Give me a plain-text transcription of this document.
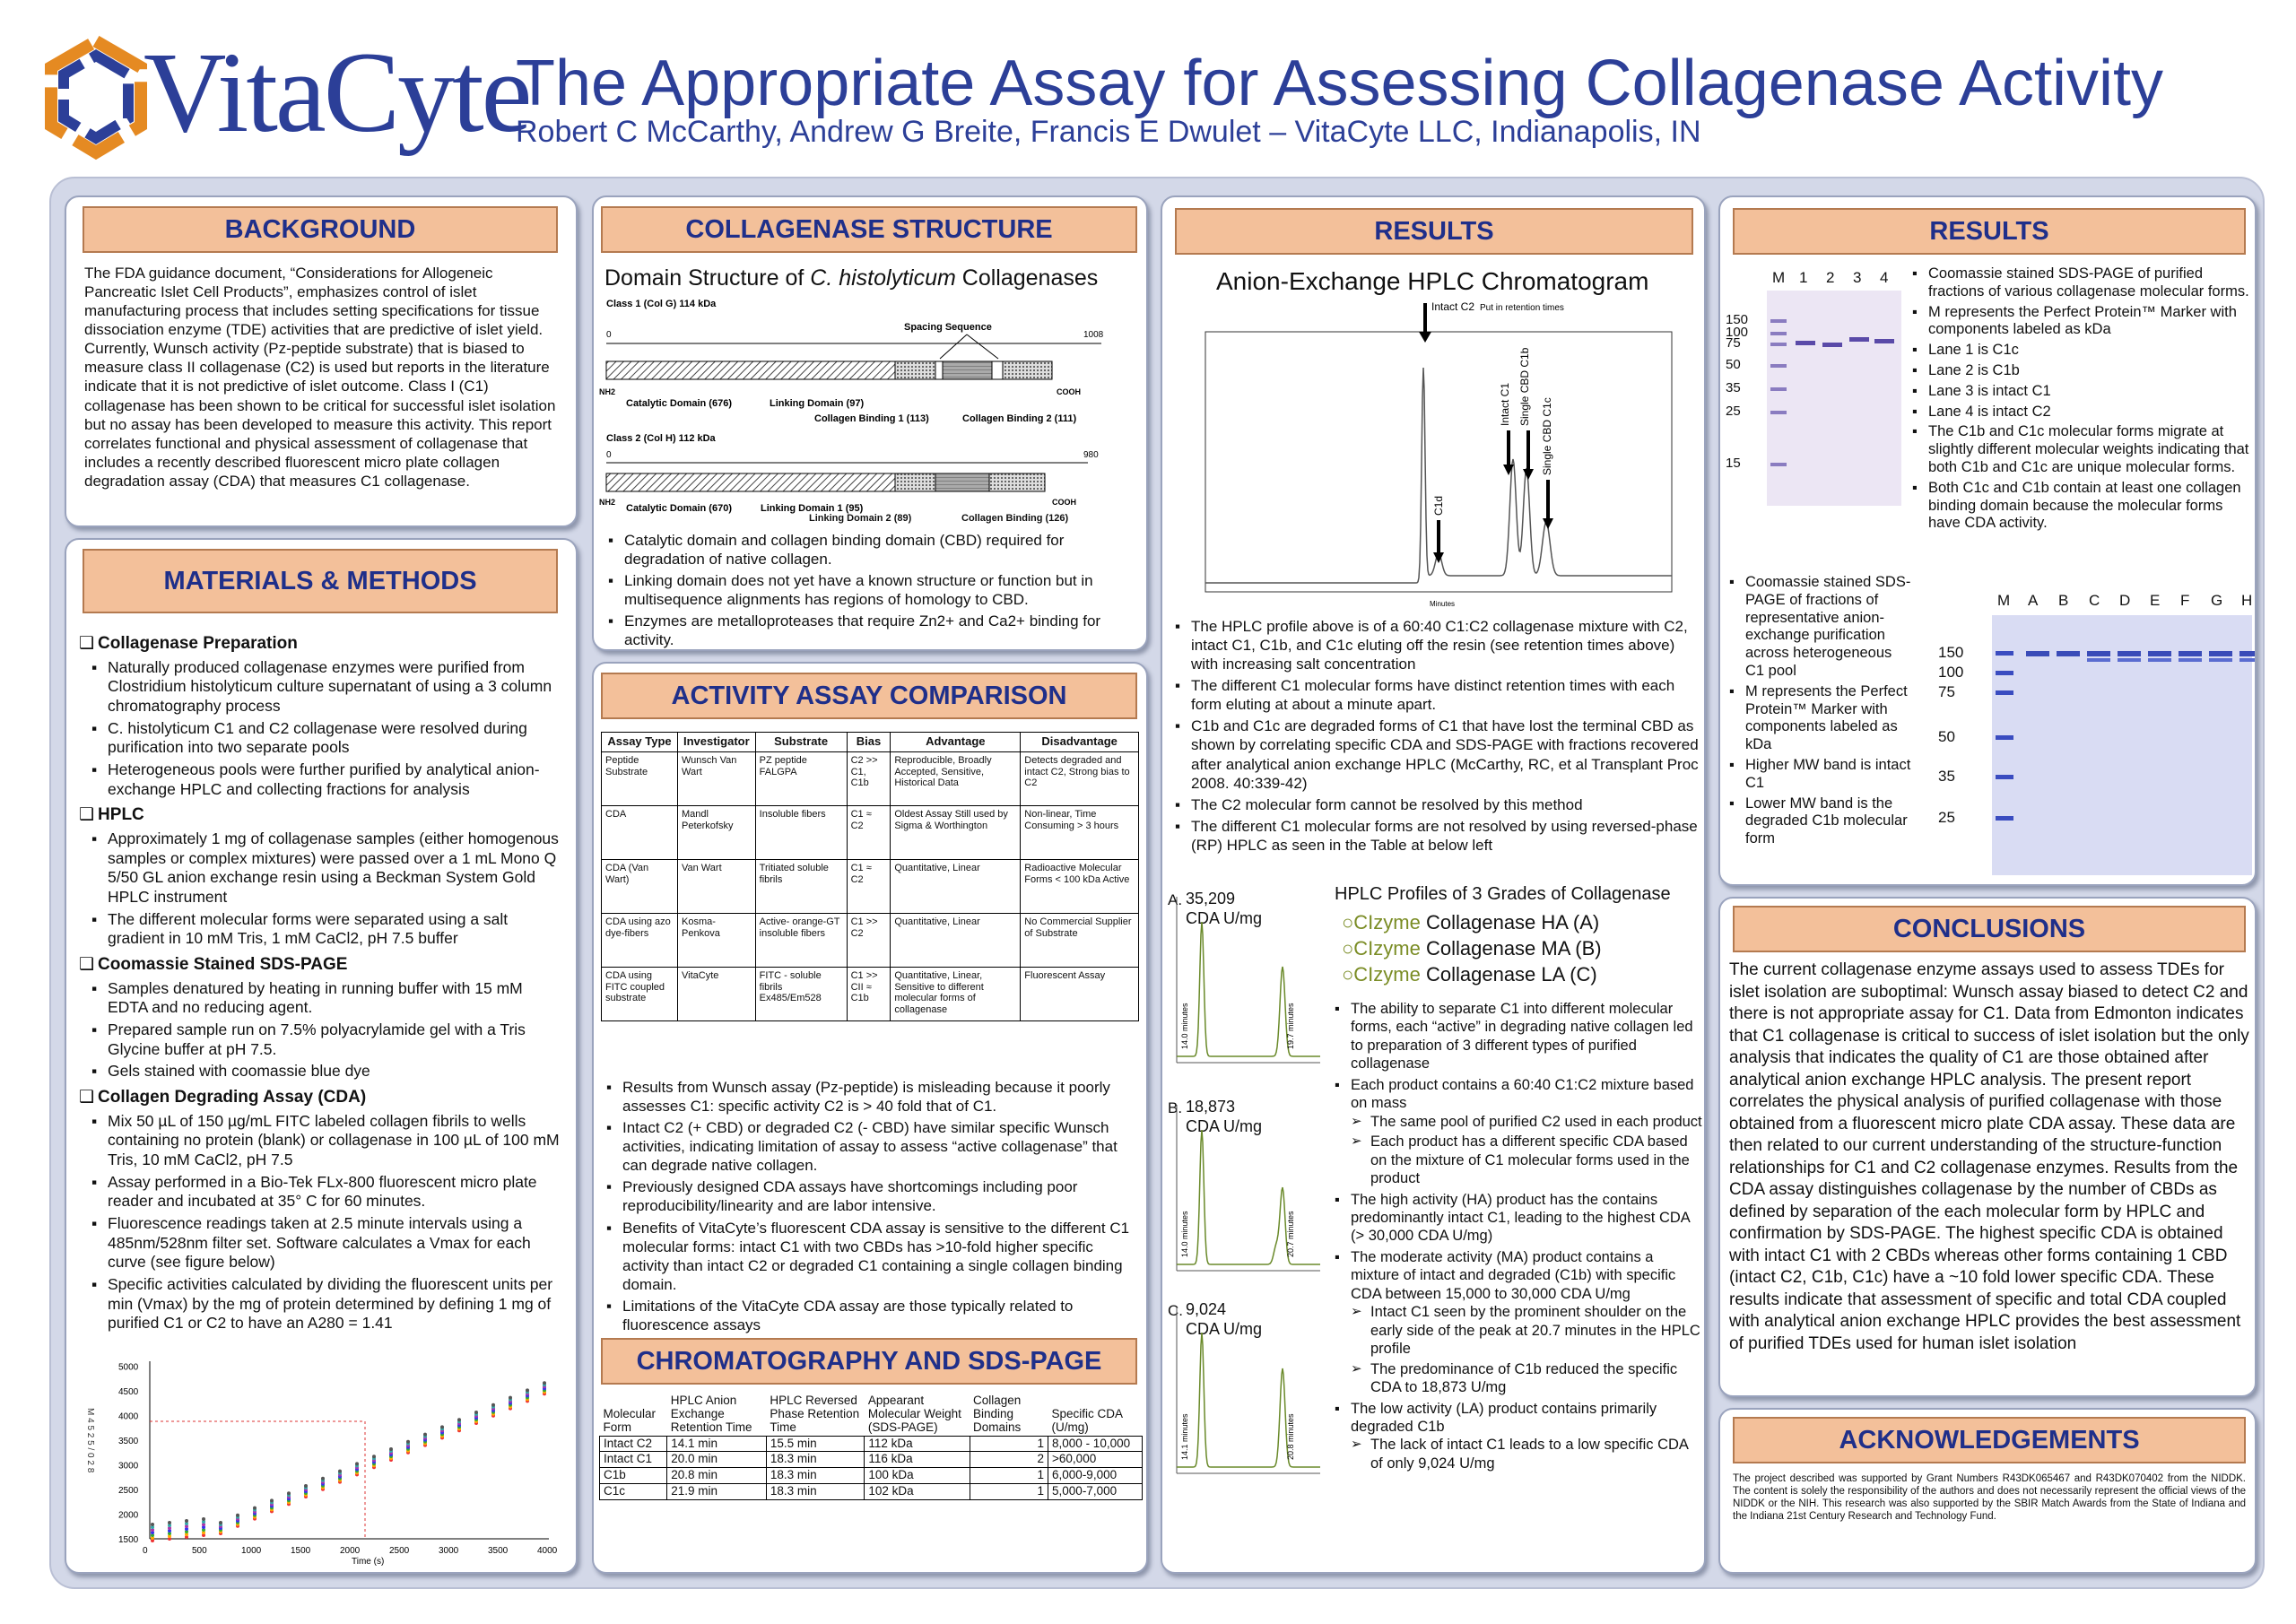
VitaCyte
The Appropriate Assay for Assessing Collagenase Activity
Robert C McCarthy, Andrew G Breite, Francis E Dwulet – VitaCyte LLC, Indianapolis, IN
BACKGROUND
The FDA guidance document, “Considerations for Allogeneic Pancreatic Islet Cell Products”, emphasizes control of islet manufacturing process that includes setting specifications for tissue dissociation enzyme (TDE) activities that are predictive of islet yield. Currently, Wunsch activity (Pz-peptide substrate) that is biased to measure class II collagenase (C2) is used but reports in the literature indicate that it is not predictive of islet outcome. Class I (C1) collagenase has been shown to be critical for successful islet isolation but no assay has been developed to measure this activity. This report correlates functional and physical assessment of collagenase that includes a recently described fluorescent micro plate collagen degradation assay (CDA) that measures C1 collagenase.
MATERIALS & METHODS
❑ Collagenase Preparation
▪ Naturally produced collagenase enzymes were purified from Clostridium histolyticum culture supernatant of using a 3 column chromatography process
▪ C. histolyticum C1 and C2 collagenase were resolved during purification into two separate pools
▪ Heterogeneous pools were further purified by analytical anion-exchange HPLC and collecting fractions for analysis
❑ HPLC
▪ Approximately 1 mg of collagenase samples (either homogenous samples or complex mixtures) were passed over a 1 mL Mono Q 5/50 GL anion exchange resin using a Beckman System Gold HPLC instrument
▪ The different molecular forms were separated using a salt gradient in 10 mM Tris, 1 mM CaCl2, pH 7.5 buffer
❑ Coomassie Stained SDS-PAGE
▪ Samples denatured by heating in running buffer with 15 mM EDTA and no reducing agent.
▪ Prepared sample run on 7.5% polyacrylamide gel with a Tris Glycine buffer at pH 7.5.
▪ Gels stained with coomassie blue dye
❑ Collagen Degrading Assay (CDA)
▪ Mix 50 µL of 150 µg/mL FITC labeled collagen fibrils to wells containing no protein (blank) or collagenase in 100 µL of 100 mM Tris, 10 mM CaCl2, pH 7.5
▪ Assay performed in a Bio-Tek FLx-800 fluorescent micro plate reader and incubated at 35° C for 60 minutes.
▪ Fluorescence readings taken at 2.5 minute intervals using a 485nm/528nm filter set. Software calculates a Vmax for each curve (see figure below)
▪ Specific activities calculated by dividing the fluorescent units per min (Vmax) by the mg of protein determined by defining 1 mg of purified C1 or C2 to have an A280 = 1.41
0	500	1000	1500	2000	2500	3000	3500	4000
1500
2000
2500
3000
3500
4000
4500
5000
M 4 5 2 5 / 0 2 8
Time (s)
COLLAGENASE STRUCTURE
Domain Structure of C. histolyticum Collagenases
Class 1 (Col G) 114 kDa
Spacing Sequence
0	1008
NH2	COOH
Catalytic Domain (676)	Linking Domain (97)
Collagen Binding 1 (113)	Collagen Binding 2 (111)
Class 2 (Col H) 112 kDa
0	980
NH2	COOH
Catalytic Domain (670)	Linking Domain 1 (95)
Linking Domain 2 (89)	Collagen Binding (126)
▪ Catalytic domain and collagen binding domain (CBD) required for degradation of native collagen.
▪ Linking domain does not yet have a known structure or function but in multisequence alignments has regions of homology to CBD.
▪ Enzymes are metalloproteases that require Zn2+ and Ca2+ binding for activity.
ACTIVITY ASSAY COMPARISON
Assay Type	Investigator	Substrate	Bias	Advantage	Disadvantage
Peptide Substrate	Wunsch Van Wart	PZ peptide FALGPA	C2 >> C1, C1b	Reproducible, Broadly Accepted, Sensitive, Historical Data	Detects degraded and intact C2, Strong bias to C2
CDA	Mandl Peterkofsky	Insoluble fibers	C1 ≈ C2	Oldest Assay Still used by Sigma & Worthington	Non-linear, Time Consuming > 3 hours
CDA (Van Wart)	Van Wart	Tritiated soluble fibrils	C1 ≈ C2	Quantitative, Linear	Radioactive Molecular Forms < 100 kDa Active
CDA using azo dye-fibers	Kosma-Penkova	Active- orange-GT insoluble fibers	C1 >> C2	Quantitative, Linear	No Commercial Supplier of Substrate
CDA using FITC coupled substrate	VitaCyte	FITC - soluble fibrils Ex485/Em528	C1 >> CII ≈ C1b	Quantitative, Linear, Sensitive to different molecular forms of collagenase	Fluorescent Assay
▪ Results from Wunsch assay (Pz-peptide) is misleading because it poorly assesses C1: specific activity C2 is > 40 fold that of C1.
▪ Intact C2 (+ CBD) or degraded C2 (- CBD) have similar specific Wunsch activities, indicating limitation of assay to assess “active collagenase” that can degrade native collagen.
▪ Previously designed CDA assays have shortcomings including poor reproducibility/linearity and are labor intensive.
▪ Benefits of VitaCyte’s fluorescent CDA assay is sensitive to the different C1 molecular forms: intact C1 with two CBDs has >10-fold higher specific activity than intact C2 or degraded C1 containing a single collagen binding domain.
▪ Limitations of the VitaCyte CDA assay are those typically related to fluorescence assays
CHROMATOGRAPHY AND SDS-PAGE
Molecular Form	HPLC Anion Exchange Retention Time	HPLC Reversed Phase Retention Time	Appearant Molecular Weight (SDS-PAGE)	Collagen Binding Domains	Specific CDA (U/mg)
Intact C2	14.1 min	15.5 min	112 kDa	1	8,000 - 10,000
Intact C1	20.0 min	18.3 min	116 kDa	2	>60,000
C1b	20.8 min	18.3 min	100 kDa	1	6,000-9,000
C1c	21.9 min	18.3 min	102 kDa	1	5,000-7,000
RESULTS
Anion-Exchange HPLC Chromatogram
Intact C2 Put in retention times
Intact C1 Single CBD C1b
Single CBD C1c
C1d
Minutes
▪ The HPLC profile above is of a 60:40 C1:C2 collagenase mixture with C2, intact C1, C1b, and C1c eluting off the resin (see retention times above) with increasing salt concentration
▪ The different C1 molecular forms have distinct retention times with each form eluting at about a minute apart.
▪ C1b and C1c are degraded forms of C1 that have lost the terminal CBD as shown by correlating specific CDA and SDS-PAGE with fractions recovered after analytical anion exchange HPLC (McCarthy, RC, et al Transplant Proc 2008. 40:339-42)
▪ The C2 molecular form cannot be resolved by this method
▪ The different C1 molecular forms are not resolved by using reversed-phase (RP) HPLC as seen in the Table at below left
HPLC Profiles of 3 Grades of Collagenase
○CIzyme Collagenase HA (A)
○CIzyme Collagenase MA (B)
○CIzyme Collagenase LA (C)
A. 35,209
CDA U/mg
14.0 minutes	19.7 minutes
B. 18,873
CDA U/mg
14.0 minutes	20.7 minutes
C. 9,024
CDA U/mg
14.1 minutes	20.8 minutes
▪ The ability to separate C1 into different molecular forms, each “active” in degrading native collagen led to preparation of 3 different types of purified collagenase
▪ Each product contains a 60:40 C1:C2 mixture based on mass
➢ The same pool of purified C2 used in each product
➢ Each product has a different specific CDA based on the mixture of C1 molecular forms used in the product
▪ The high activity (HA) product has the contains predominantly intact C1, leading to the highest CDA (> 30,000 CDA U/mg)
▪ The moderate activity (MA) product contains a mixture of intact and degraded (C1b) with specific CDA between 15,000 to 30,000 CDA U/mg
➢ Intact C1 seen by the prominent shoulder on the early side of the peak at 20.7 minutes in the HPLC profile
➢ The predominance of C1b reduced the specific CDA to 18,873 U/mg
▪ The low activity (LA) product contains primarily degraded C1b
➢ The lack of intact C1 leads to a low specific CDA of only 9,024 U/mg
RESULTS
M 1 2 3 4
150
100
75
50
35
25
15
▪ Coomassie stained SDS-PAGE of purified fractions of various collagenase molecular forms.
▪ M represents the Perfect Protein™ Marker with components labeled as kDa
▪ Lane 1 is C1c
▪ Lane 2 is C1b
▪ Lane 3 is intact C1
▪ Lane 4 is intact C2
▪ The C1b and C1c molecular forms migrate at slightly different molecular weights indicating that both C1b and C1c are unique molecular forms.
▪ Both C1c and C1b contain at least one collagen binding domain because the molecular forms have CDA activity.
▪ Coomassie stained SDS-PAGE of fractions of representative anion-exchange purification across heterogeneous C1 pool
▪ M represents the Perfect Protein™ Marker with components labeled as kDa
▪ Higher MW band is intact C1
▪ Lower MW band is the degraded C1b molecular form
M A B C D E F G H
150
100
75
50
35
25
CONCLUSIONS
The current collagenase enzyme assays used to assess TDEs for islet isolation are suboptimal: Wunsch assay biased to detect C2 and there is not appropriate assay for C1. Data from Edmonton indicates that C1 collagenase is critical to success of islet isolation but the only analysis that indicates the quality of C1 are those obtained after analytical anion exchange HPLC analysis. The present report correlates the physical analysis of purified collagenase with those obtained from a fluorescent micro plate CDA assay. These data are then related to our current understanding of the structure-function relationships for C1 and C2 collagenase enzymes. Results from the CDA assay distinguishes collagenase by the number of CBDs as defined by separation of the each molecular form by HPLC and confirmation by SDS-PAGE. The highest specific CDA is obtained with intact C1 with 2 CBDs whereas other forms containing 1 CBD (intact C2, C1b, C1c) have a ~10 fold lower specific CDA. These results indicate that assessment of specific and total CDA coupled with analytical anion exchange HPLC provides the best assessment of purified TDEs used for human islet isolation
ACKNOWLEDGEMENTS
The project described was supported by Grant Numbers R43DK065467 and R43DK070402 from the NIDDK. The content is solely the responsibility of the authors and does not necessarily represent the official views of the NIDDK or the NIH. This research was also supported by the SBIR Match Awards from the State of Indiana and the Indiana 21st Century Research and Technology Fund.
